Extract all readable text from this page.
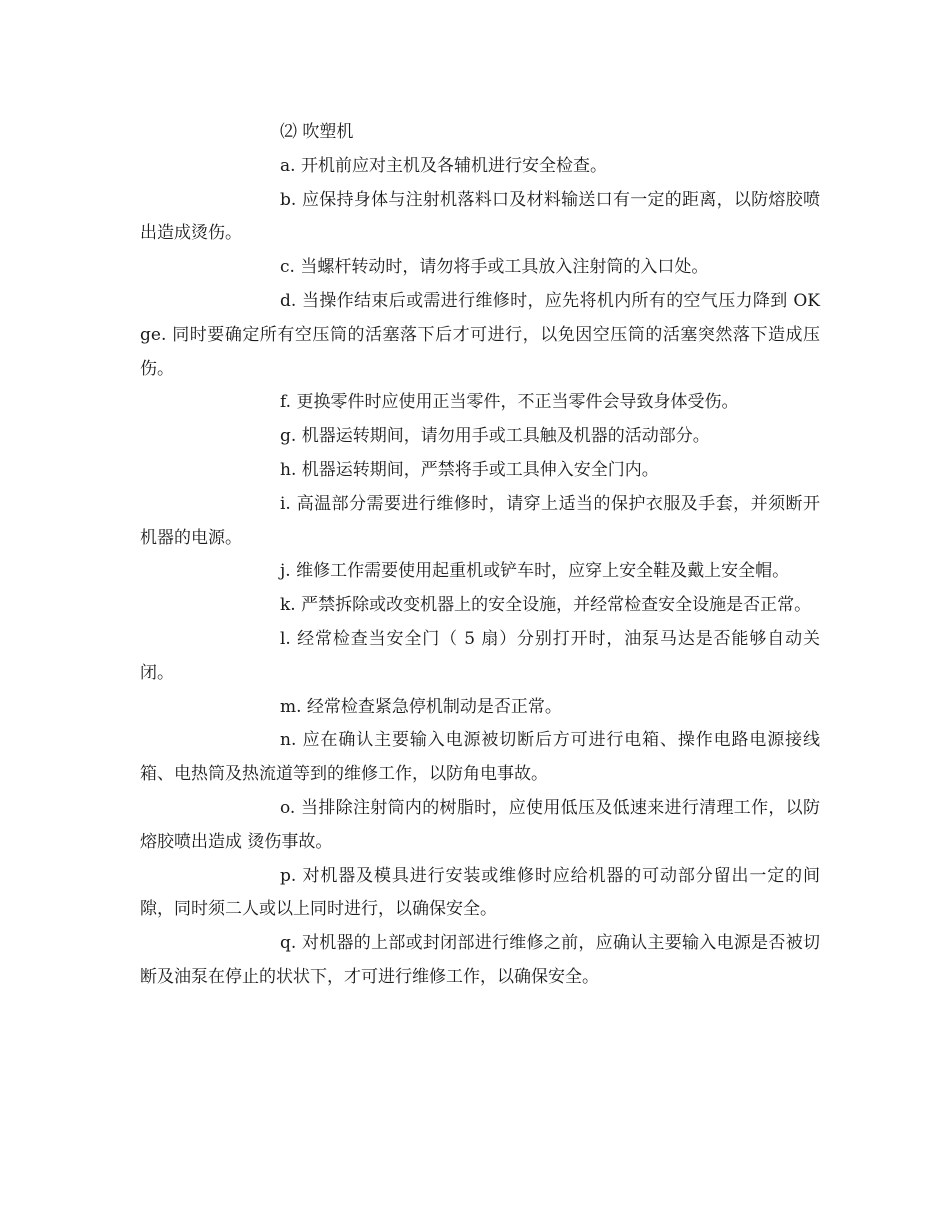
⑵ 吹塑机

a. 开机前应对主机及各辅机进行安全检查。

b. 应保持身体与注射机落料口及材料输送口有一定的距离，以防熔胶喷出造成烫伤。

c. 当螺杆转动时，请勿将手或工具放入注射筒的入口处。

d. 当操作结束后或需进行维修时，应先将机内所有的空气压力降到 OKge. 同时要确定所有空压筒的活塞落下后才可进行，以免因空压筒的活塞突然落下造成压伤。

f. 更换零件时应使用正当零件，不正当零件会导致身体受伤。

g. 机器运转期间，请勿用手或工具触及机器的活动部分。

h. 机器运转期间，严禁将手或工具伸入安全门内。

i. 高温部分需要进行维修时，请穿上适当的保护衣服及手套，并须断开机器的电源。

j. 维修工作需要使用起重机或铲车时，应穿上安全鞋及戴上安全帽。

k. 严禁拆除或改变机器上的安全设施，并经常检查安全设施是否正常。

l. 经常检查当安全门（ 5 扇）分别打开时，油泵马达是否能够自动关闭。

m. 经常检查紧急停机制动是否正常。

n. 应在确认主要输入电源被切断后方可进行电箱、操作电路电源接线箱、电热筒及热流道等到的维修工作，以防角电事故。

o. 当排除注射筒内的树脂时，应使用低压及低速来进行清理工作，以防熔胶喷出造成 烫伤事故。

p. 对机器及模具进行安装或维修时应给机器的可动部分留出一定的间隙，同时须二人或以上同时进行，以确保安全。

q. 对机器的上部或封闭部进行维修之前，应确认主要输入电源是否被切断及油泵在停止的状状下，才可进行维修工作，以确保安全。
